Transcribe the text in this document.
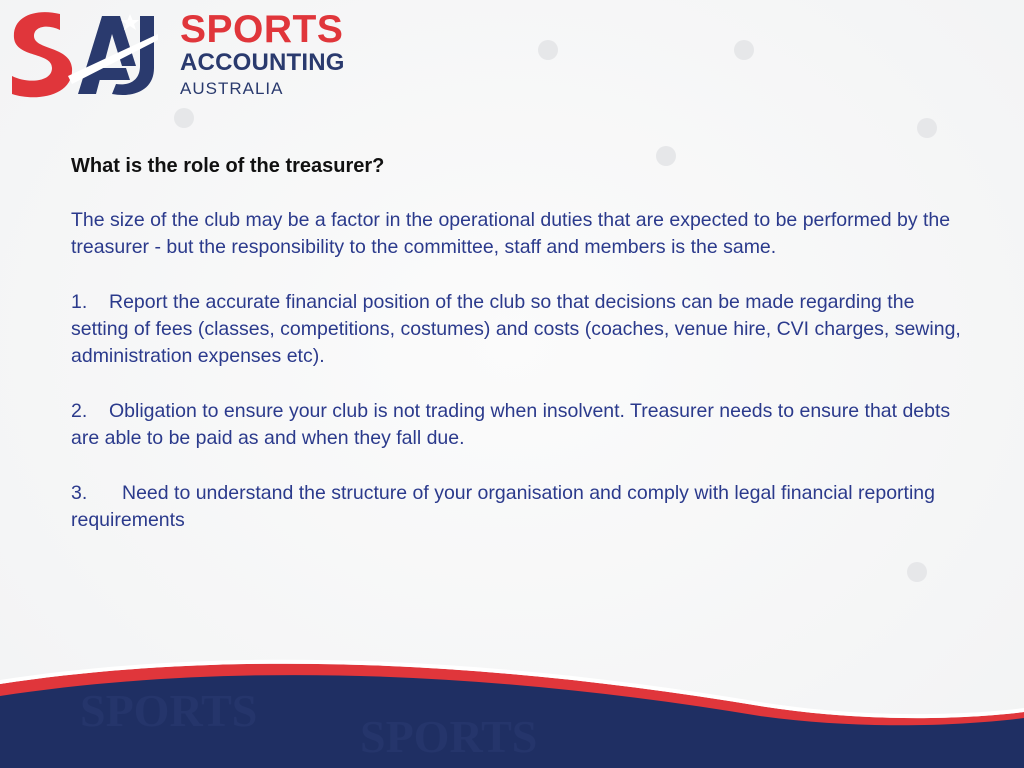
SPORTS
ACCOUNTING
AUSTRALIA
What is the role of the treasurer?
The size of the club may be a factor in the operational duties that are expected to be performed by the treasurer - but the responsibility to the committee, staff and members is the same.
1. Report the accurate financial position of the club so that decisions can be made regarding the setting of fees (classes, competitions, costumes) and costs (coaches, venue hire, CVI charges, sewing, administration expenses etc).
2. Obligation to ensure your club is not trading when insolvent. Treasurer needs to ensure that debts are able to be paid as and when they fall due.
3. Need to understand the structure of your organisation and comply with legal financial reporting requirements
SPORTS
SPORTS
